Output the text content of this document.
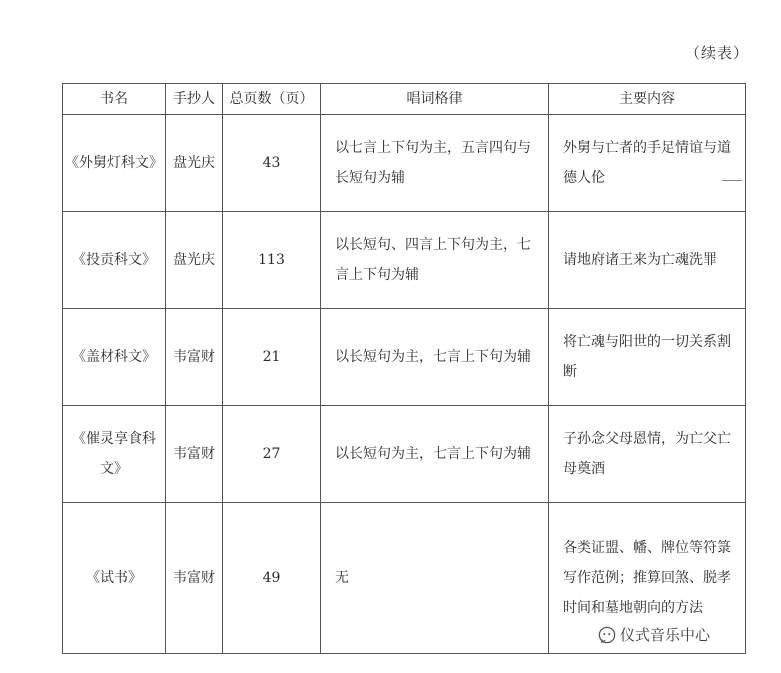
（续表）
书名	手抄人	总页数（页）	唱词格律	主要内容
《外舅灯科文》	盘光庆	43	以七言上下句为主，五言四句与长短句为辅	外舅与亡者的手足情谊与道德人伦
《投贡科文》	盘光庆	113	以长短句、四言上下句为主，七言上下句为辅	请地府诸王来为亡魂洗罪
《盖材科文》	韦富财	21	以长短句为主，七言上下句为辅	将亡魂与阳世的一切关系割断
《催灵享食科文》	韦富财	27	以长短句为主，七言上下句为辅	子孙念父母恩情，为亡父亡母奠酒
《试书》	韦富财	49	无	各类证盟、幡、牌位等符箓写作范例；推算回煞、脱孝时间和墓地朝向的方法
仪式音乐中心
